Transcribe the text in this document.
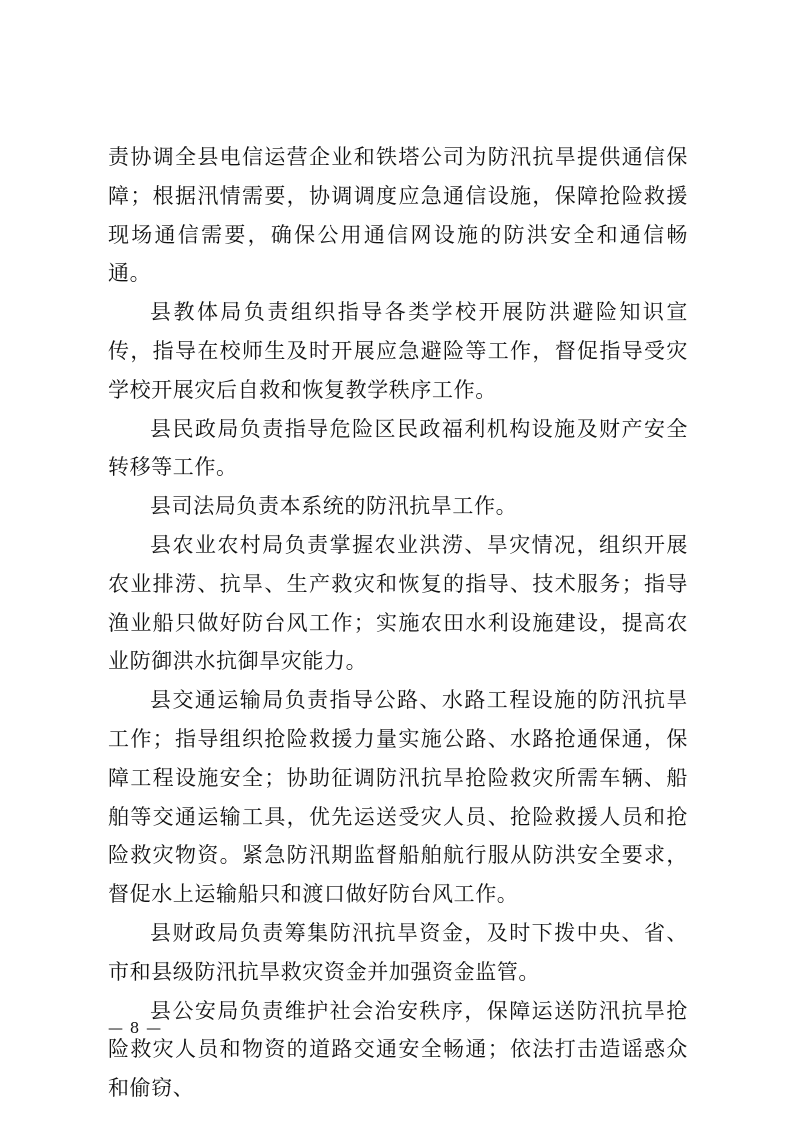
责协调全县电信运营企业和铁塔公司为防汛抗旱提供通信保障；根据汛情需要，协调调度应急通信设施，保障抢险救援现场通信需要，确保公用通信网设施的防洪安全和通信畅通。

县教体局负责组织指导各类学校开展防洪避险知识宣传，指导在校师生及时开展应急避险等工作，督促指导受灾学校开展灾后自救和恢复教学秩序工作。

县民政局负责指导危险区民政福利机构设施及财产安全转移等工作。

县司法局负责本系统的防汛抗旱工作。

县农业农村局负责掌握农业洪涝、旱灾情况，组织开展农业排涝、抗旱、生产救灾和恢复的指导、技术服务；指导渔业船只做好防台风工作；实施农田水利设施建设，提高农业防御洪水抗御旱灾能力。

县交通运输局负责指导公路、水路工程设施的防汛抗旱工作；指导组织抢险救援力量实施公路、水路抢通保通，保障工程设施安全；协助征调防汛抗旱抢险救灾所需车辆、船舶等交通运输工具，优先运送受灾人员、抢险救援人员和抢险救灾物资。紧急防汛期监督船舶航行服从防洪安全要求，督促水上运输船只和渡口做好防台风工作。

县财政局负责筹集防汛抗旱资金，及时下拨中央、省、市和县级防汛抗旱救灾资金并加强资金监管。

县公安局负责维护社会治安秩序，保障运送防汛抗旱抢险救灾人员和物资的道路交通安全畅通；依法打击造谣惑众和偷窃、

— 8 —
